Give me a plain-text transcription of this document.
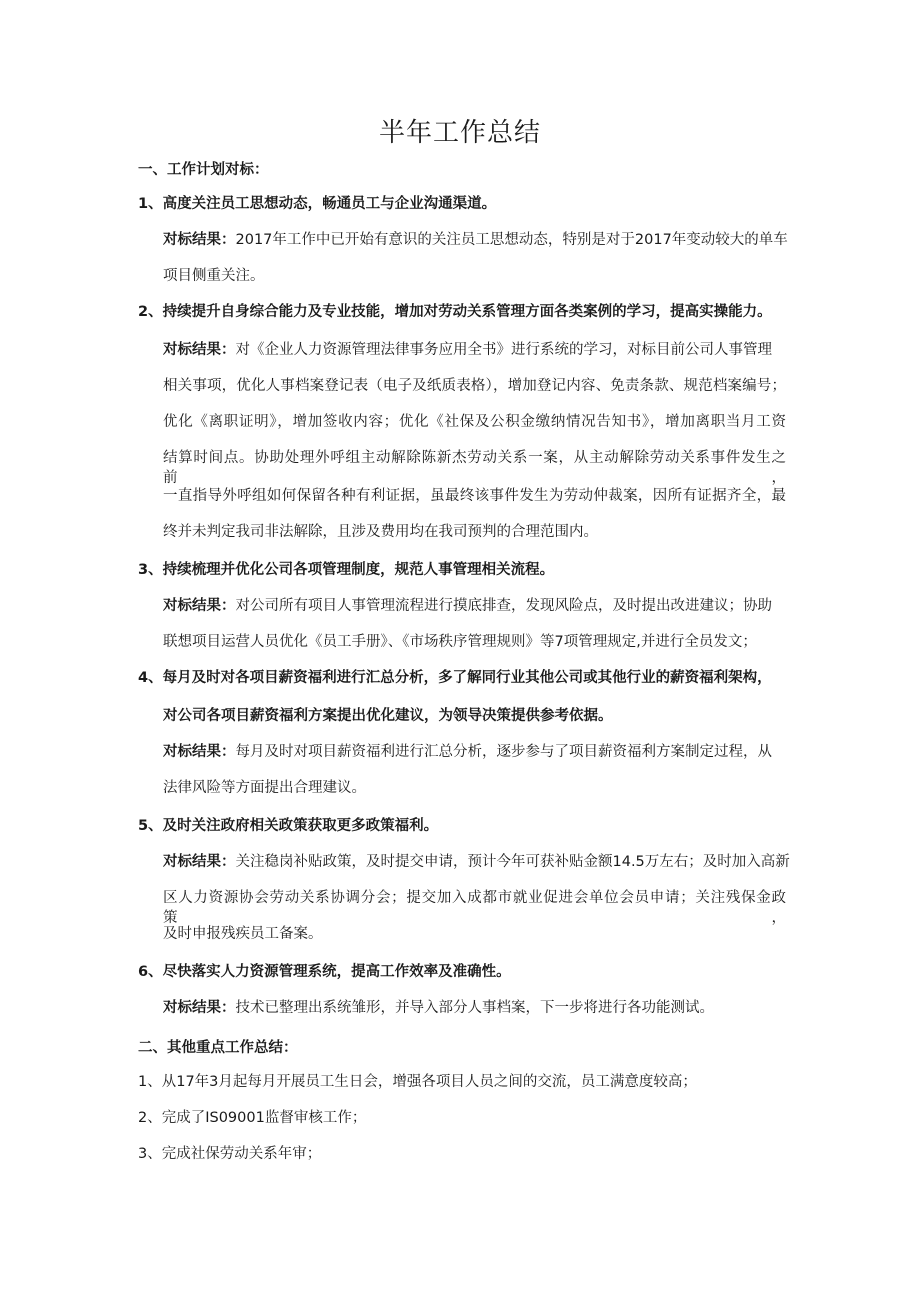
半年工作总结
一、工作计划对标：
1、高度关注员工思想动态，畅通员工与企业沟通渠道。
对标结果：2017年工作中已开始有意识的关注员工思想动态，特别是对于2017年变动较大的单车
项目侧重关注。
2、持续提升自身综合能力及专业技能，增加对劳动关系管理方面各类案例的学习，提高实操能力。
对标结果：对《企业人力资源管理法律事务应用全书》进行系统的学习，对标目前公司人事管理
相关事项，优化人事档案登记表（电子及纸质表格），增加登记内容、免责条款、规范档案编号；
优化《离职证明》，增加签收内容；优化《社保及公积金缴纳情况告知书》，增加离职当月工资
结算时间点。协助处理外呼组主动解除陈新杰劳动关系一案，从主动解除劳动关系事件发生之前，
一直指导外呼组如何保留各种有利证据，虽最终该事件发生为劳动仲裁案，因所有证据齐全，最
终并未判定我司非法解除，且涉及费用均在我司预判的合理范围内。
3、持续梳理并优化公司各项管理制度，规范人事管理相关流程。
对标结果：对公司所有项目人事管理流程进行摸底排查，发现风险点，及时提出改进建议；协助
联想项目运营人员优化《员工手册》、《市场秩序管理规则》等7项管理规定,并进行全员发文；
4、每月及时对各项目薪资福利进行汇总分析，多了解同行业其他公司或其他行业的薪资福利架构，
对公司各项目薪资福利方案提出优化建议，为领导决策提供参考依据。
对标结果：每月及时对项目薪资福利进行汇总分析，逐步参与了项目薪资福利方案制定过程，从
法律风险等方面提出合理建议。
5、及时关注政府相关政策获取更多政策福利。
对标结果：关注稳岗补贴政策，及时提交申请，预计今年可获补贴金额14.5万左右；及时加入高新
区人力资源协会劳动关系协调分会；提交加入成都市就业促进会单位会员申请；关注残保金政策，
及时申报残疾员工备案。
6、尽快落实人力资源管理系统，提高工作效率及准确性。
对标结果：技术已整理出系统雏形，并导入部分人事档案，下一步将进行各功能测试。
二、其他重点工作总结：
1、从17年3月起每月开展员工生日会，增强各项目人员之间的交流，员工满意度较高；
2、完成了IS09001监督审核工作；
3、完成社保劳动关系年审；
